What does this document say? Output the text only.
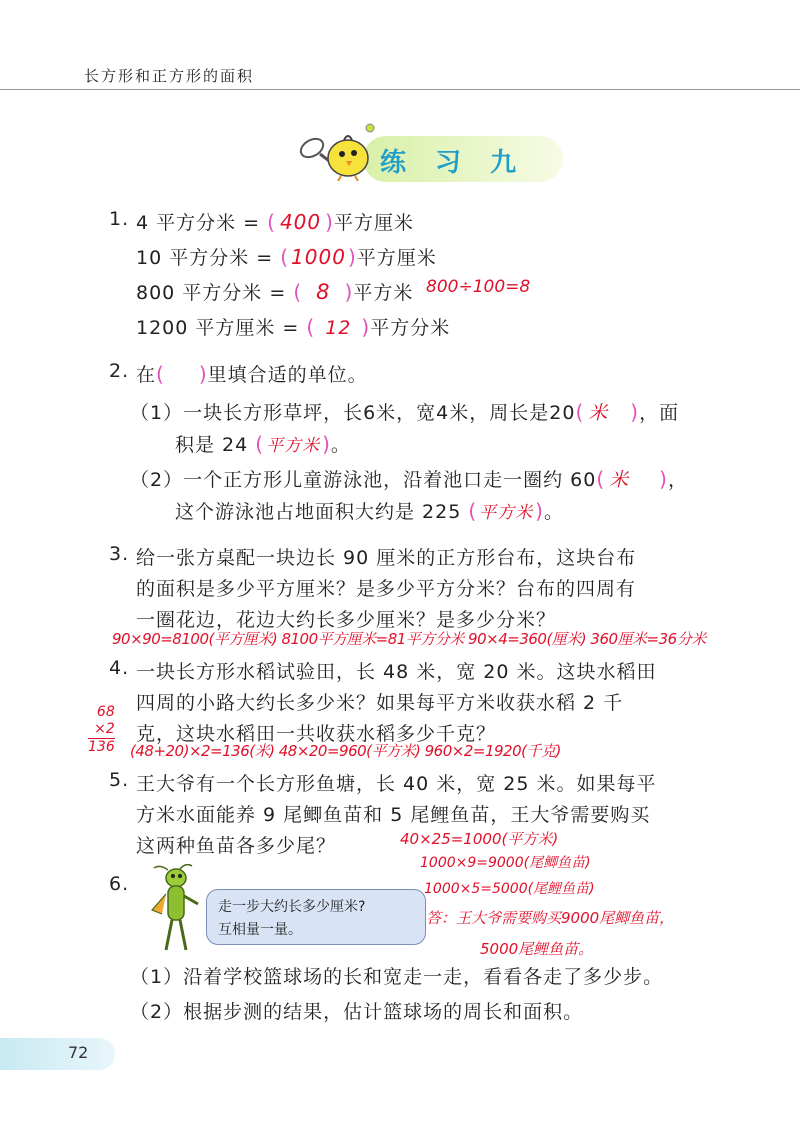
长方形和正方形的面积
练 习 九
1. 4 平方分米 = ( 400 )平方厘米
10 平方分米 = ( 1000 )平方厘米
800 平方分米 = ( 8 )平方米 800÷100=8
1200 平方厘米 = ( 12 )平方分米
2. 在( )里填合适的单位。
（1）一块长方形草坪，长6米，宽4米，周长是20( 米 )，面
积是 24 ( 平方米 )。
（2）一个正方形儿童游泳池，沿着池口走一圈约 60( 米 )，
这个游泳池占地面积大约是 225 ( 平方米 )。
3. 给一张方桌配一块边长 90 厘米的正方形台布，这块台布
的面积是多少平方厘米？是多少平方分米？台布的四周有
一圈花边，花边大约长多少厘米？是多少分米？
90×90=8100(平方厘米) 8100平方厘米=81平方分米 90×4=360(厘米) 360厘米=36分米
4. 一块长方形水稻试验田，长 48 米，宽 20 米。这块水稻田
四周的小路大约长多少米？如果每平方米收获水稻 2 千
克，这块水稻田一共收获水稻多少千克？
68
×2
136 (48+20)×2=136(米) 48×20=960(平方米) 960×2=1920(千克)
5. 王大爷有一个长方形鱼塘，长 40 米，宽 25 米。如果每平
方米水面能养 9 尾鲫鱼苗和 5 尾鲤鱼苗，王大爷需要购买
这两种鱼苗各多少尾？	40×25=1000(平方米)
1000×9=9000(尾鲫鱼苗)
1000×5=5000(尾鲤鱼苗)
答：王大爷需要购买9000尾鲫鱼苗，
5000尾鲤鱼苗。
6.
走一步大约长多少厘米?
互相量一量。
（1）沿着学校篮球场的长和宽走一走，看看各走了多少步。
（2）根据步测的结果，估计篮球场的周长和面积。
72
